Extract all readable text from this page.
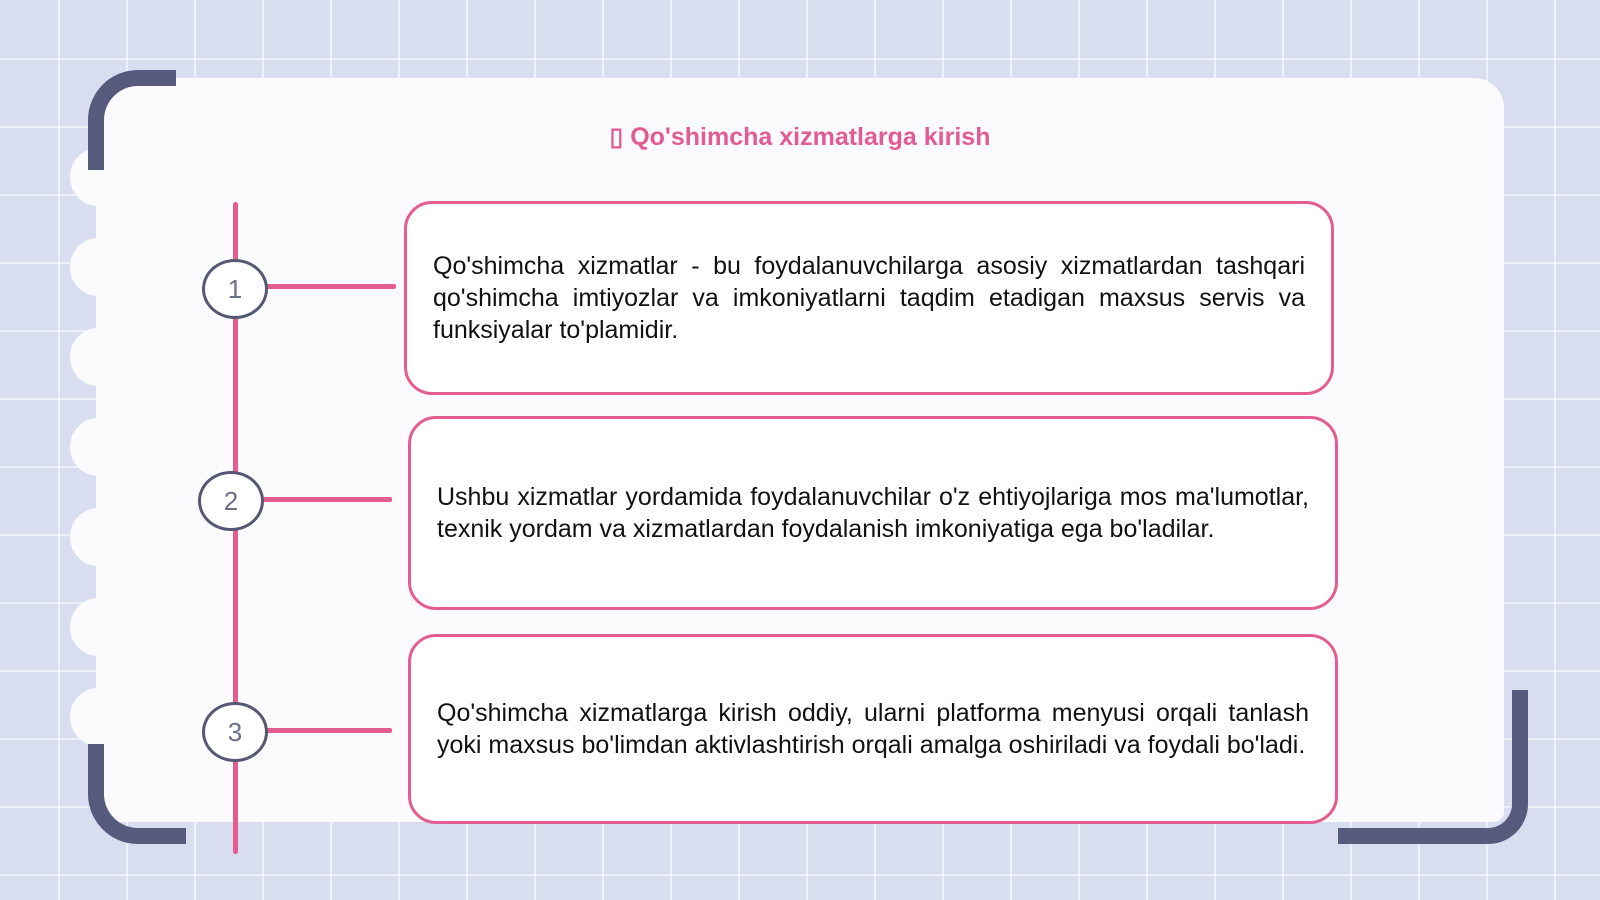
▯ Qo'shimcha xizmatlarga kirish
1
2
3

Qo'shimcha xizmatlar - bu foydalanuvchilarga asosiy xizmatlardan tashqari qo'shimcha imtiyozlar va imkoniyatlarni taqdim etadigan maxsus servis va funksiyalar to'plamidir.

Ushbu xizmatlar yordamida foydalanuvchilar o'z ehtiyojlariga mos ma'lumotlar, texnik yordam va xizmatlardan foydalanish imkoniyatiga ega bo'ladilar.

Qo'shimcha xizmatlarga kirish oddiy, ularni platforma menyusi orqali tanlash yoki maxsus bo'limdan aktivlashtirish orqali amalga oshiriladi va foydali bo'ladi.
